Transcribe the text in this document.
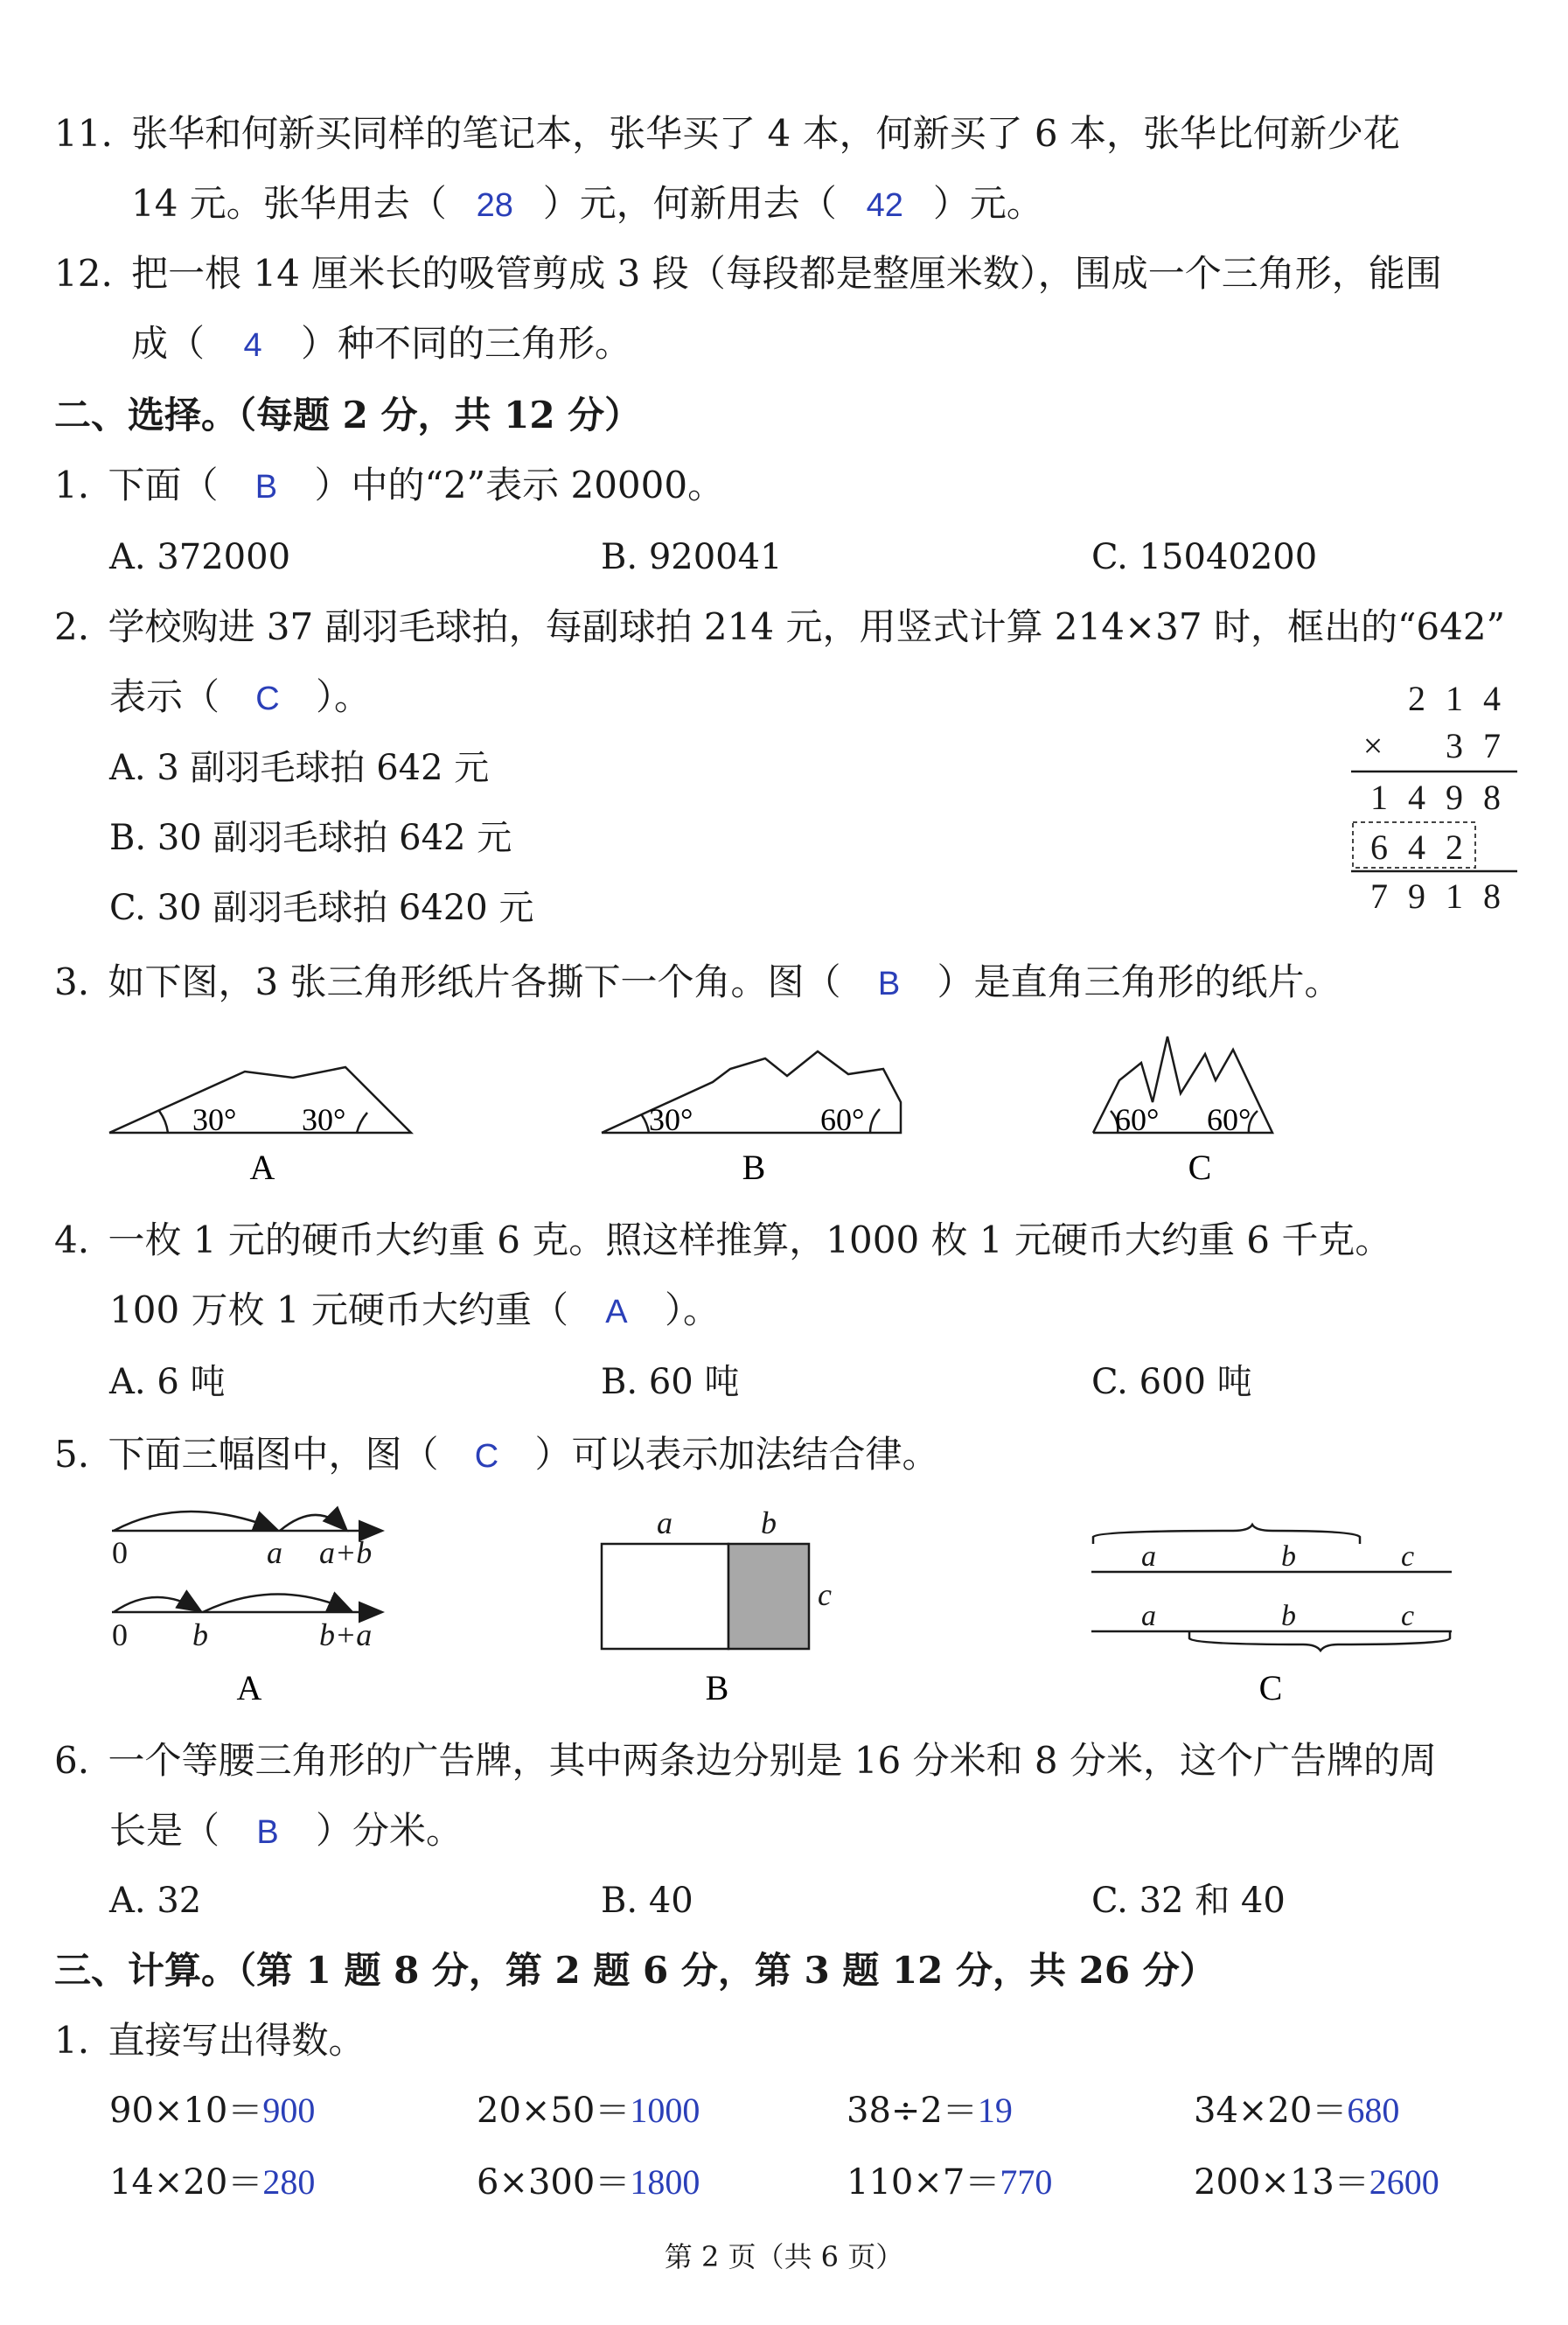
11. 张华和何新买同样的笔记本，张华买了 4 本，何新买了 6 本，张华比何新少花
14 元。张华用去（ 28 ）元，何新用去（ 42 ）元。
12. 把一根 14 厘米长的吸管剪成 3 段（每段都是整厘米数），围成一个三角形，能围
成（ 4 ）种不同的三角形。
二、选择。（每题 2 分，共 12 分）
1. 下面（ B ）中的“2”表示 20000。
A. 372000	B. 920041	C. 15040200
2. 学校购进 37 副羽毛球拍，每副球拍 214 元，用竖式计算 214×37 时，框出的“642”
表示（ C ）。
A. 3 副羽毛球拍 642 元
B. 30 副羽毛球拍 642 元
C. 30 副羽毛球拍 6420 元
2 1 4
× 3 7
1 4 9 8
6 4 2
7 9 1 8
3. 如下图，3 张三角形纸片各撕下一个角。图（ B ）是直角三角形的纸片。
30° 30°
A
30°	60°
B
60° 60°
C
4. 一枚 1 元的硬币大约重 6 克。照这样推算，1000 枚 1 元硬币大约重 6 千克。
100 万枚 1 元硬币大约重（ A ）。
A. 6 吨	B. 60 吨	C. 600 吨
5. 下面三幅图中，图（ C ）可以表示加法结合律。
0	a a+b
0 b	b+a
A
a	b
c
B
a	b	c
a	b	c
C
6. 一个等腰三角形的广告牌，其中两条边分别是 16 分米和 8 分米，这个广告牌的周
长是（ B ）分米。
A. 32	B. 40	C. 32 和 40
三、计算。（第 1 题 8 分，第 2 题 6 分，第 3 题 12 分，共 26 分）
1. 直接写出得数。
90×10＝900	20×50＝1000	38÷2＝19	34×20＝680
14×20＝280	6×300＝1800	110×7＝770	200×13＝2600
第 2 页（共 6 页）
